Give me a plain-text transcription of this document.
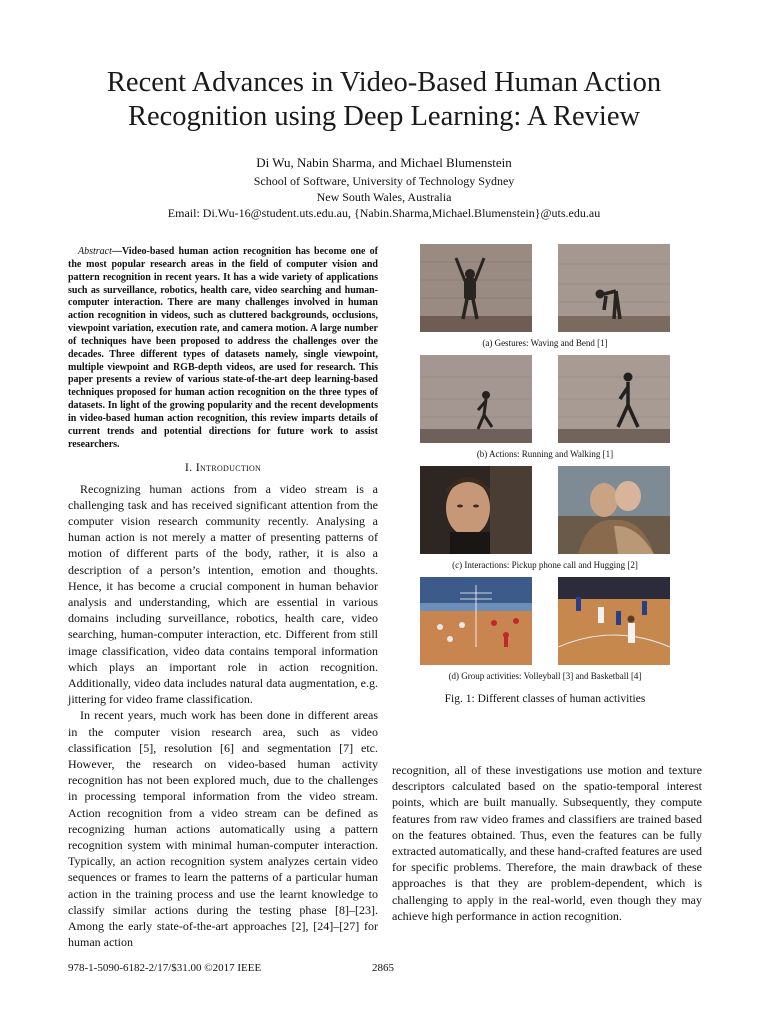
Recent Advances in Video-Based Human Action
Recognition using Deep Learning: A Review
Di Wu, Nabin Sharma, and Michael Blumenstein
School of Software, University of Technology Sydney
New South Wales, Australia
Email: Di.Wu-16@student.uts.edu.au, {Nabin.Sharma,Michael.Blumenstein}@uts.edu.au

Abstract—Video-based human action recognition has become one of the most popular research areas in the field of computer vision and pattern recognition in recent years. It has a wide variety of applications such as surveillance, robotics, health care, video searching and human-computer interaction. There are many challenges involved in human action recognition in videos, such as cluttered backgrounds, occlusions, viewpoint variation, execution rate, and camera motion. A large number of techniques have been proposed to address the challenges over the decades. Three different types of datasets namely, single viewpoint, multiple viewpoint and RGB-depth videos, are used for research. This paper presents a review of various state-of-the-art deep learning-based techniques proposed for human action recognition on the three types of datasets. In light of the growing popularity and the recent developments in video-based human action recognition, this review imparts details of current trends and potential directions for future work to assist researchers.

I. Introduction

Recognizing human actions from a video stream is a challenging task and has received significant attention from the computer vision research community recently. Analysing a human action is not merely a matter of presenting patterns of motion of different parts of the body, rather, it is also a description of a person’s intention, emotion and thoughts. Hence, it has become a crucial component in human behavior analysis and understanding, which are essential in various domains including surveillance, robotics, health care, video searching, human-computer interaction, etc. Different from still image classification, video data contains temporal information which plays an important role in action recognition. Additionally, video data includes natural data augmentation, e.g. jittering for video frame classification.

In recent years, much work has been done in different areas in the computer vision research area, such as video classification [5], resolution [6] and segmentation [7] etc. However, the research on video-based human activity recognition has not been explored much, due to the challenges in processing temporal information from the video stream. Action recognition from a video stream can be defined as recognizing human actions automatically using a pattern recognition system with minimal human-computer interaction. Typically, an action recognition system analyzes certain video sequences or frames to learn the patterns of a particular human action in the training process and use the learnt knowledge to classify similar actions during the testing phase [8]–[23]. Among the early state-of-the-art approaches [2], [24]–[27] for human action

(a) Gestures: Waving and Bend [1]
(b) Actions: Running and Walking [1]
(c) Interactions: Pickup phone call and Hugging [2]
(d) Group activities: Volleyball [3] and Basketball [4]
Fig. 1: Different classes of human activities

recognition, all of these investigations use motion and texture descriptors calculated based on the spatio-temporal interest points, which are built manually. Subsequently, they compute features from raw video frames and classifiers are trained based on the features obtained. Thus, even the features can be fully extracted automatically, and these hand-crafted features are used for specific problems. Therefore, the main drawback of these approaches is that they are problem-dependent, which is challenging to apply in the real-world, even though they may achieve high performance in action recognition.

978-1-5090-6182-2/17/$31.00 ©2017 IEEE	2865
